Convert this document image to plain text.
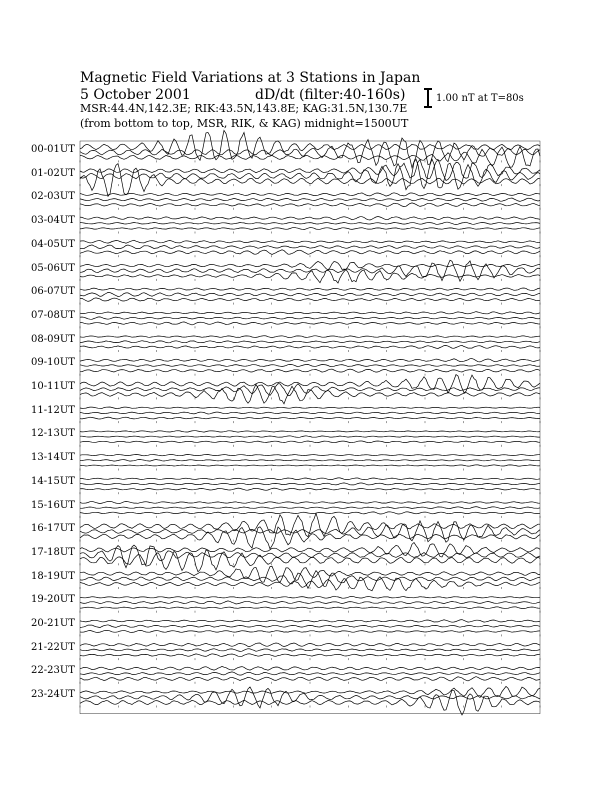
Magnetic Field Variations at 3 Stations in Japan
5 October 2001	dD/dt (filter:40-160s)
MSR:44.4N,142.3E; RIK:43.5N,143.8E; KAG:31.5N,130.7E
(from bottom to top, MSR, RIK, & KAG) midnight=1500UT
1.00 nT at T=80s
00-01UT
01-02UT
02-03UT
03-04UT
04-05UT
05-06UT
06-07UT
07-08UT
08-09UT
09-10UT
10-11UT
11-12UT
12-13UT
13-14UT
14-15UT
15-16UT
16-17UT
17-18UT
18-19UT
19-20UT
20-21UT
21-22UT
22-23UT
23-24UT
